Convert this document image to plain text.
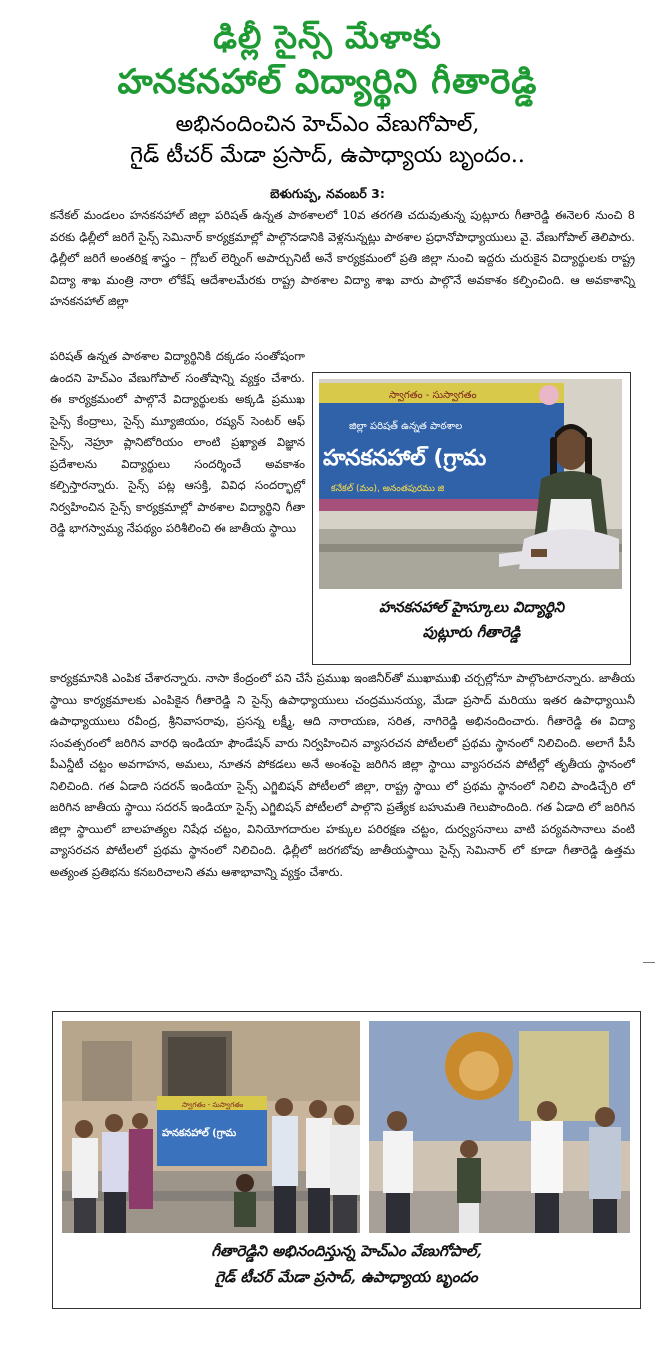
ఢిల్లీ సైన్స్ మేళాకు
హనకనహాల్ విద్యార్థిని గీతారెడ్డి
అభినందించిన హెచ్ఎం వేణుగోపాల్,
గైడ్ టీచర్ మేడా ప్రసాద్, ఉపాధ్యాయ బృందం..
బెళుగుప్ప, నవంబర్ 3:
కనేకల్ మండలం హనకనహాల్ జిల్లా పరిషత్ ఉన్నత పాఠశాలలో 10వ తరగతి చదువుతున్న పుట్లూరు గీతారెడ్డి ఈనెల6 నుంచి 8 వరకు ఢిల్లీలో జరిగే సైన్స్ సెమినార్ కార్యక్రమాల్లో పాల్గొనడానికి వెళ్లనున్నట్లు పాఠశాల ప్రధానోపాధ్యాయులు వై. వేణుగోపాల్ తెలిపారు. ఢిల్లీలో జరిగే అంతరిక్ష శాస్త్రం – గ్లోబల్ లెర్నింగ్ అపార్చునిటీ అనే కార్యక్రమంలో ప్రతి జిల్లా నుంచి ఇద్దరు చురుకైన విద్యార్థులకు రాష్ట్ర విద్యా శాఖ మంత్రి నారా లోకేష్ ఆదేశాలమేరకు రాష్ట్ర పాఠశాల విద్యా శాఖ వారు పాల్గొనే అవకాశం కల్పించింది. ఆ అవకాశాన్ని హనకనహాల్ జిల్లా
పరిషత్ ఉన్నత పాఠశాల విద్యార్థినికి దక్కడం సంతోషంగా ఉందని హెచ్ఎం వేణుగోపాల్ సంతోషాన్ని వ్యక్తం చేశారు. ఈ కార్యక్రమంలో పాల్గొనే విద్యార్థులకు అక్కడి ప్రముఖ సైన్స్ కేంద్రాలు, సైన్స్ మ్యూజియం, రష్యన్ సెంటర్ ఆఫ్ సైన్స్, నెహ్రూ ప్లానిటోరియం లాంటి ప్రఖ్యాత విజ్ఞాన ప్రదేశాలను విద్యార్థులు సందర్శించే అవకాశం కల్పిస్తారన్నారు. సైన్స్ పట్ల ఆసక్తి, వివిధ సందర్భాల్లో నిర్వహించిన సైన్స్ కార్యక్రమాల్లో పాఠశాల విద్యార్థిని గీతా రెడ్డి భాగస్వామ్య నేపథ్యం పరిశీలించి ఈ జాతీయ స్థాయి
స్వాగతం - సుస్వాగతం
జిల్లా పరిషత్ ఉన్నత పాఠశాల
హనకనహాల్ (గ్రామ
కనేకల్ (మం), అనంతపురము జి
హనకనహాల్ హైస్కూలు విద్యార్థిని
పుట్లూరు గీతారెడ్డి
కార్యక్రమానికి ఎంపిక చేశారన్నారు. నాసా కేంద్రంలో పని చేసే ప్రముఖ ఇంజినీర్‌తో ముఖాముఖి చర్చల్లోనూ పాల్గొంటారన్నారు. జాతీయ స్థాయి కార్యక్రమాలకు ఎంపికైన గీతారెడ్డి ని సైన్స్ ఉపాధ్యాయులు చంద్రమునయ్య, మేడా ప్రసాద్ మరియు ఇతర ఉపాధ్యాయినీ ఉపాధ్యాయులు రవీంద్ర, శ్రీనివాసరావు, ప్రసన్న లక్ష్మీ, ఆది నారాయణ, సరిత, నాగిరెడ్డి అభినందించారు. గీతారెడ్డి ఈ విద్యా సంవత్సరంలో జరిగిన వారధి ఇండియా ఫౌండేషన్ వారు నిర్వహించిన వ్యాసరచన పోటీలలో ప్రథమ స్థానంలో నిలిచింది. అలాగే పీసీ పీఎన్డీటీ చట్టం అవగాహన, అమలు, నూతన పోకడలు అనే అంశంపై జరిగిన జిల్లా స్థాయి వ్యాసరచన పోటీల్లో తృతీయ స్థానంలో నిలిచింది. గత ఏడాది సదరన్ ఇండియా సైన్స్ ఎగ్జిబిషన్ పోటీలలో జిల్లా, రాష్ట్ర స్థాయి లో ప్రథమ స్థానంలో నిలిచి పాండిచ్చేరి లో జరిగిన జాతీయ స్థాయి సదరన్ ఇండియా సైన్స్ ఎగ్జిబిషన్ పోటీలలో పాల్గొని ప్రత్యేక బహుమతి గెలుపొందింది. గత ఏడాది లో జరిగిన జిల్లా స్థాయిలో బాలహత్యల నిషేధ చట్టం, వినియోగదారుల హక్కుల పరిరక్షణ చట్టం, దుర్వ్యసనాలు వాటి పర్యవసానాలు వంటి వ్యాసరచన పోటీలలో ప్రథమ స్థానంలో నిలిచింది. ఢిల్లీలో జరగబోవు జాతీయస్థాయి సైన్స్ సెమినార్ లో కూడా గీతారెడ్డి ఉత్తమ అత్యంత ప్రతిభను కనబరిచాలని తమ ఆశాభావాన్ని వ్యక్తం చేశారు.
స్వాగతం - సుస్వాగతం
హనకనహాల్ (గ్రామ
గీతారెడ్డిని అభినందిస్తున్న హెచ్ఎం వేణుగోపాల్,
గైడ్ టీచర్ మేడా ప్రసాద్, ఉపాధ్యాయ బృందం
